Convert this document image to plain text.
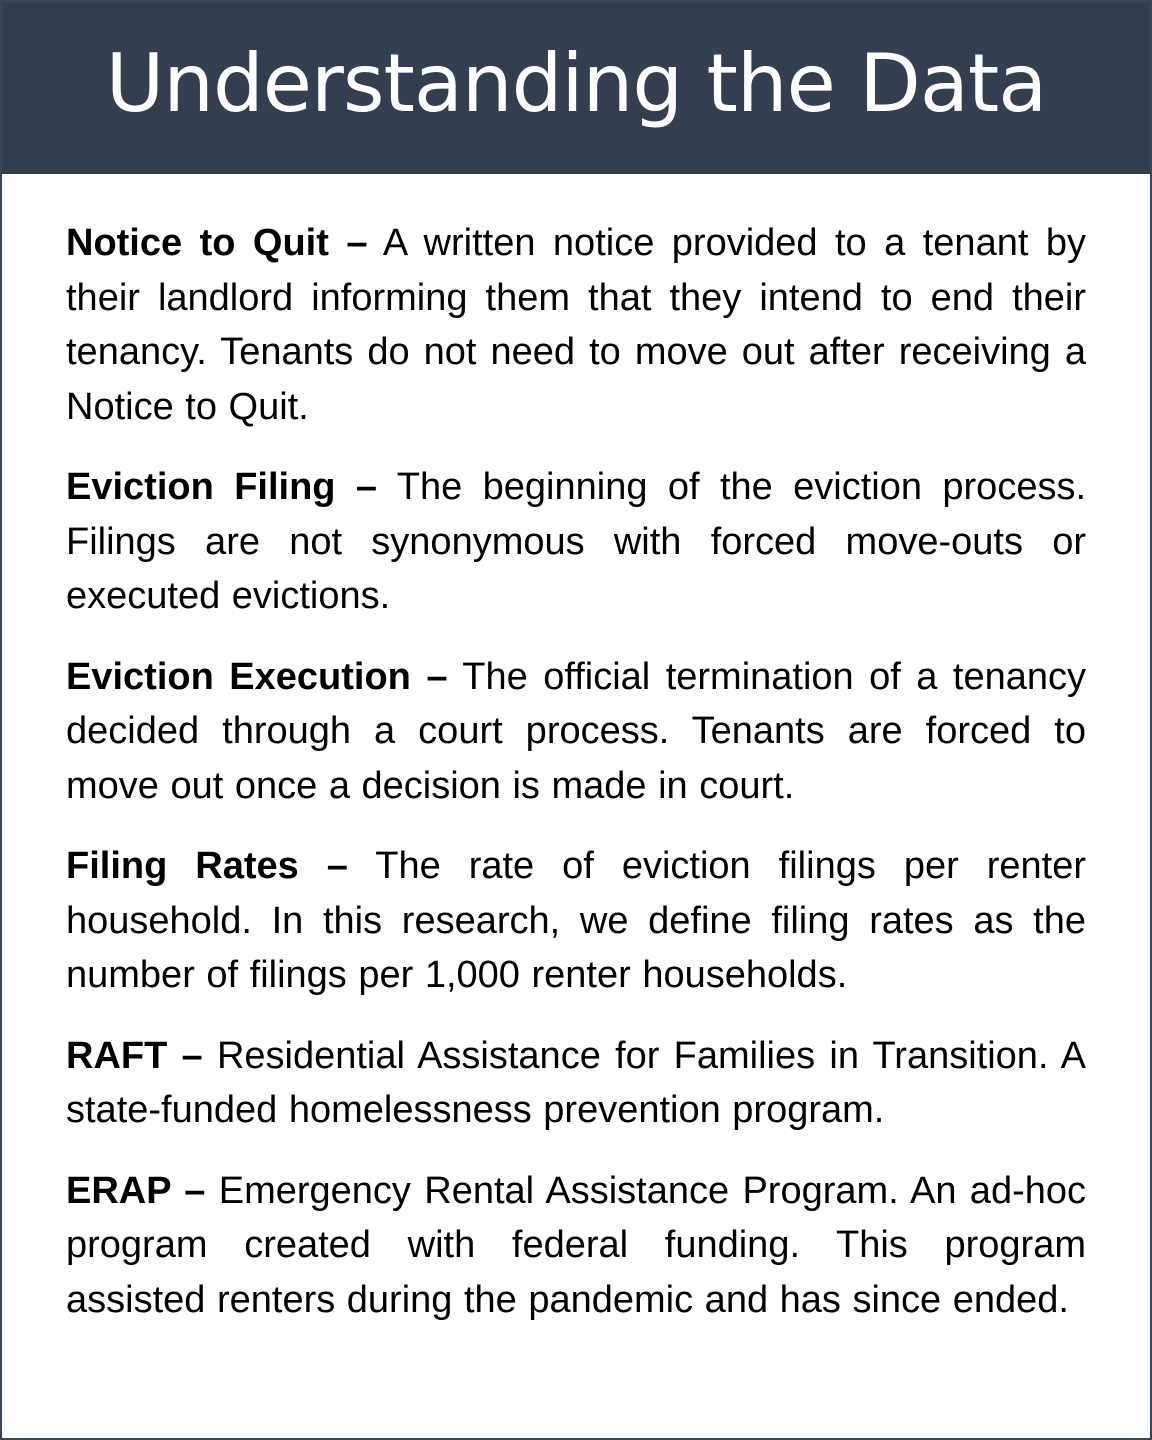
Understanding the Data

Notice to Quit – A written notice provided to a tenant by their landlord informing them that they intend to end their tenancy. Tenants do not need to move out after receiving a Notice to Quit.

Eviction Filing – The beginning of the eviction process. Filings are not synonymous with forced move-outs or executed evictions.

Eviction Execution – The official termination of a tenancy decided through a court process. Tenants are forced to move out once a decision is made in court.

Filing Rates – The rate of eviction filings per renter household. In this research, we define filing rates as the number of filings per 1,000 renter households.

RAFT – Residential Assistance for Families in Transition. A state-funded homelessness prevention program.

ERAP – Emergency Rental Assistance Program. An ad-hoc program created with federal funding. This program assisted renters during the pandemic and has since ended.
